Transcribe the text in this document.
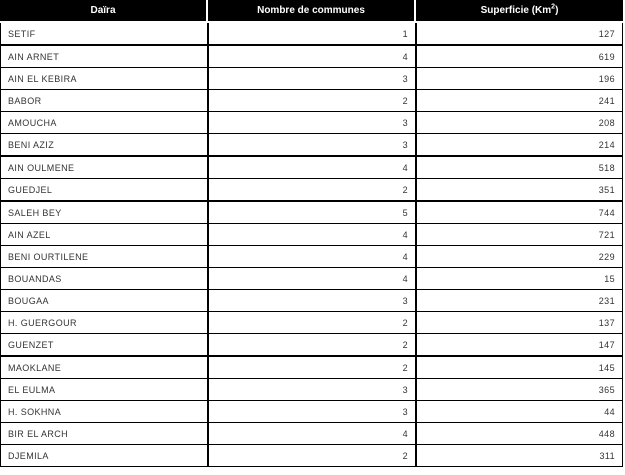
Daïra	Nombre de communes	Superficie (Km$^2$)
SETIF	1	127
AIN ARNET	4	619
AIN EL KEBIRA	3	196
BABOR	2	241
AMOUCHA	3	208
BENI AZIZ	3	214
AIN OULMENE	4	518
GUEDJEL	2	351
SALEH BEY	5	744
AIN AZEL	4	721
BENI OURTILENE	4	229
BOUANDAS	4	15
BOUGAA	3	231
H. GUERGOUR	2	137
GUENZET	2	147
MAOKLANE	2	145
EL EULMA	3	365
H. SOKHNA	3	44
BIR EL ARCH	4	448
DJEMILA	2	311
